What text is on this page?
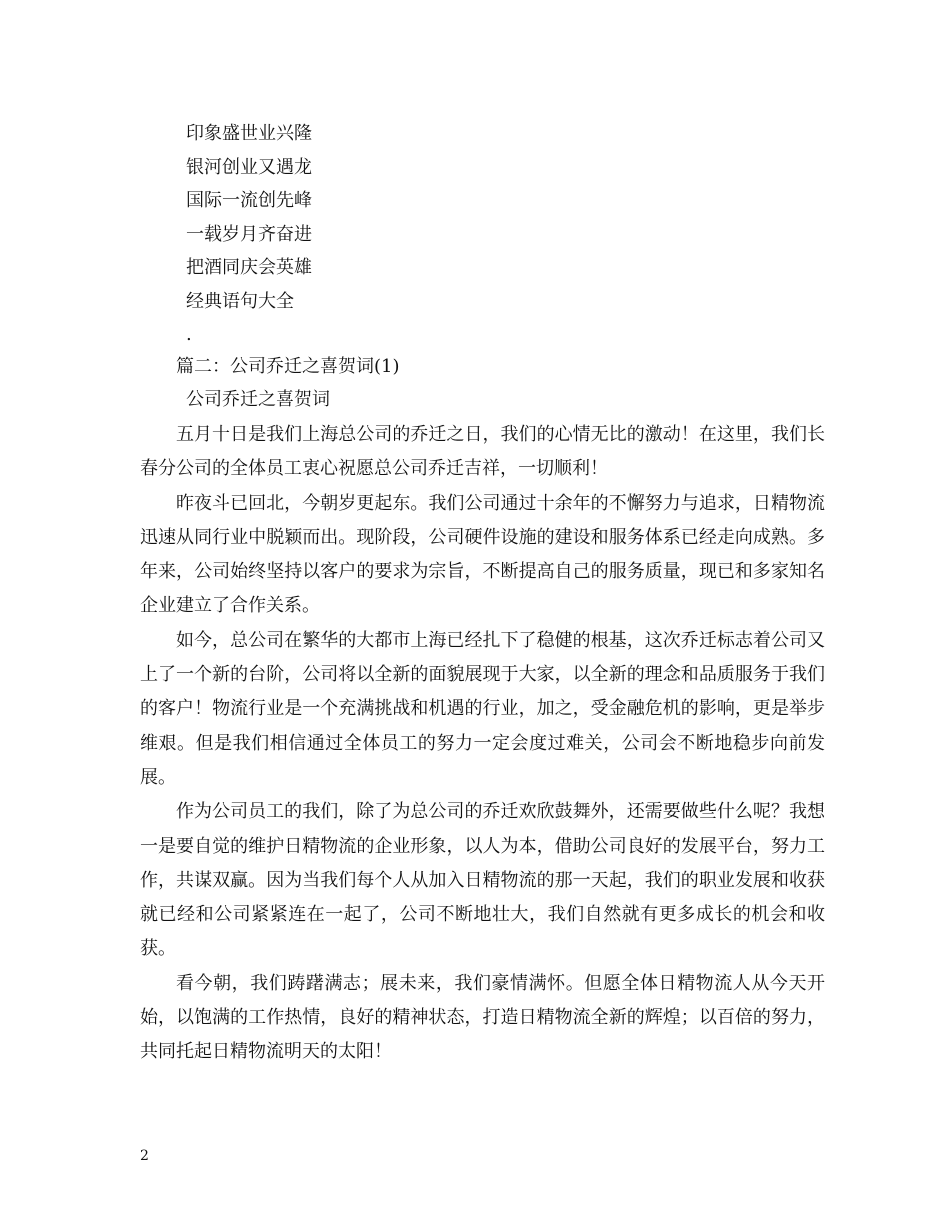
印象盛世业兴隆
银河创业又遇龙
国际一流创先峰
一载岁月齐奋进
把酒同庆会英雄
经典语句大全
.
篇二：公司乔迁之喜贺词(1)
公司乔迁之喜贺词

五月十日是我们上海总公司的乔迁之日，我们的心情无比的激动！在这里，我们长春分公司的全体员工衷心祝愿总公司乔迁吉祥，一切顺利！

昨夜斗已回北，今朝岁更起东。我们公司通过十余年的不懈努力与追求，日精物流迅速从同行业中脱颖而出。现阶段，公司硬件设施的建设和服务体系已经走向成熟。多年来，公司始终坚持以客户的要求为宗旨，不断提高自己的服务质量，现已和多家知名企业建立了合作关系。

如今，总公司在繁华的大都市上海已经扎下了稳健的根基，这次乔迁标志着公司又上了一个新的台阶，公司将以全新的面貌展现于大家，以全新的理念和品质服务于我们的客户！物流行业是一个充满挑战和机遇的行业，加之，受金融危机的影响，更是举步维艰。但是我们相信通过全体员工的努力一定会度过难关，公司会不断地稳步向前发展。

作为公司员工的我们，除了为总公司的乔迁欢欣鼓舞外，还需要做些什么呢？我想一是要自觉的维护日精物流的企业形象，以人为本，借助公司良好的发展平台，努力工作，共谋双赢。因为当我们每个人从加入日精物流的那一天起，我们的职业发展和收获就已经和公司紧紧连在一起了，公司不断地壮大，我们自然就有更多成长的机会和收获。

看今朝，我们踌躇满志；展未来，我们豪情满怀。但愿全体日精物流人从今天开始，以饱满的工作热情，良好的精神状态，打造日精物流全新的辉煌；以百倍的努力，共同托起日精物流明天的太阳！

2
